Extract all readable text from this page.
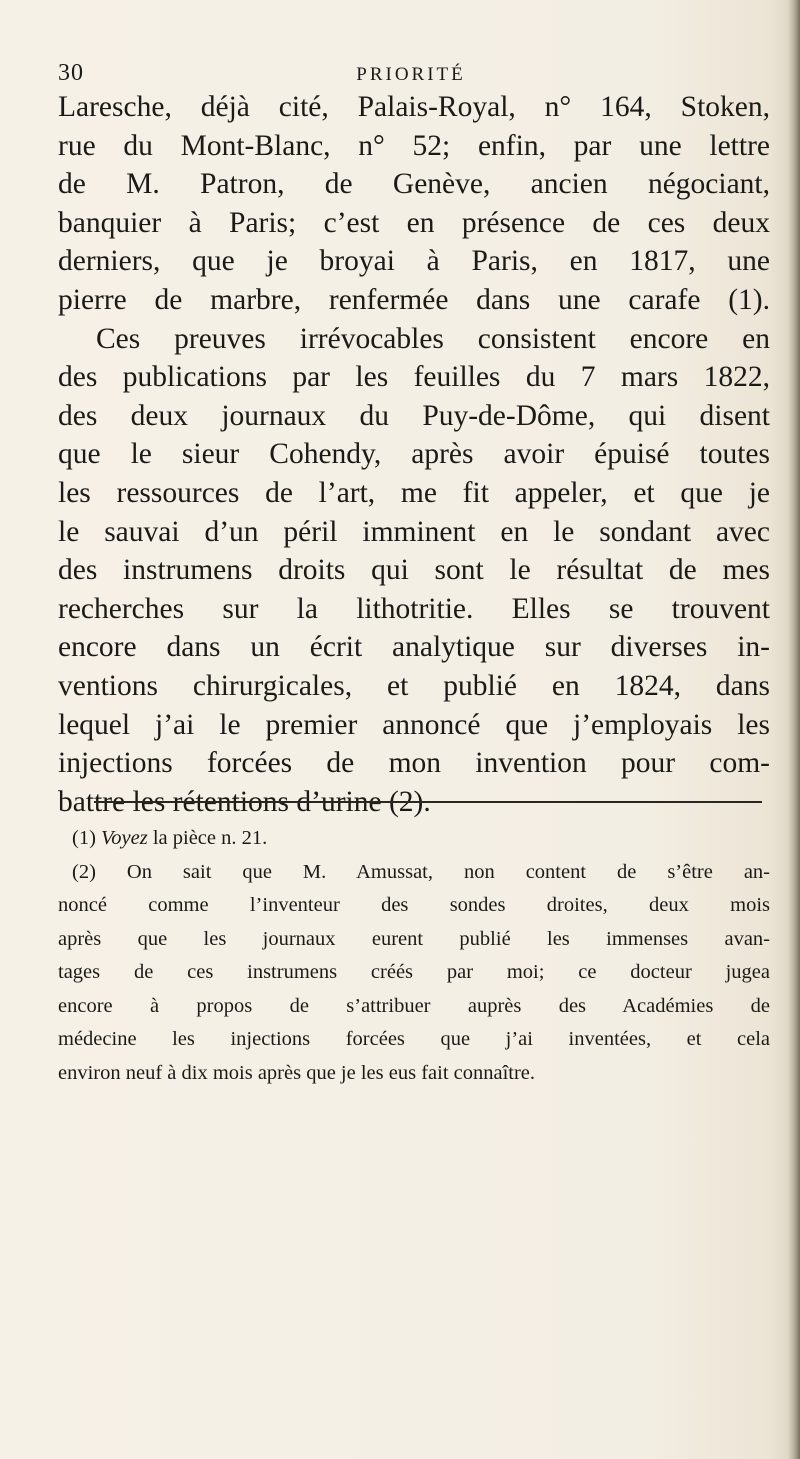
30	PRIORITÉ
Laresche, déjà cité, Palais-Royal, n° 164, Stoken,
rue du Mont-Blanc, n° 52; enfin, par une lettre
de M. Patron, de Genève, ancien négociant,
banquier à Paris; c’est en présence de ces deux
derniers, que je broyai à Paris, en 1817, une
pierre de marbre, renfermée dans une carafe (1).
Ces preuves irrévocables consistent encore en
des publications par les feuilles du 7 mars 1822,
des deux journaux du Puy-de-Dôme, qui disent
que le sieur Cohendy, après avoir épuisé toutes
les ressources de l’art, me fit appeler, et que je
le sauvai d’un péril imminent en le sondant avec
des instrumens droits qui sont le résultat de mes
recherches sur la lithotritie. Elles se trouvent
encore dans un écrit analytique sur diverses in-
ventions chirurgicales, et publié en 1824, dans
lequel j’ai le premier annoncé que j’employais les
injections forcées de mon invention pour com-
battre les rétentions d’urine (2).
(1) Voyez la pièce n. 21.
(2) On sait que M. Amussat, non content de s’être an-
noncé comme l’inventeur des sondes droites, deux mois
après que les journaux eurent publié les immenses avan-
tages de ces instrumens créés par moi; ce docteur jugea
encore à propos de s’attribuer auprès des Académies de
médecine les injections forcées que j’ai inventées, et cela
environ neuf à dix mois après que je les eus fait connaître.
